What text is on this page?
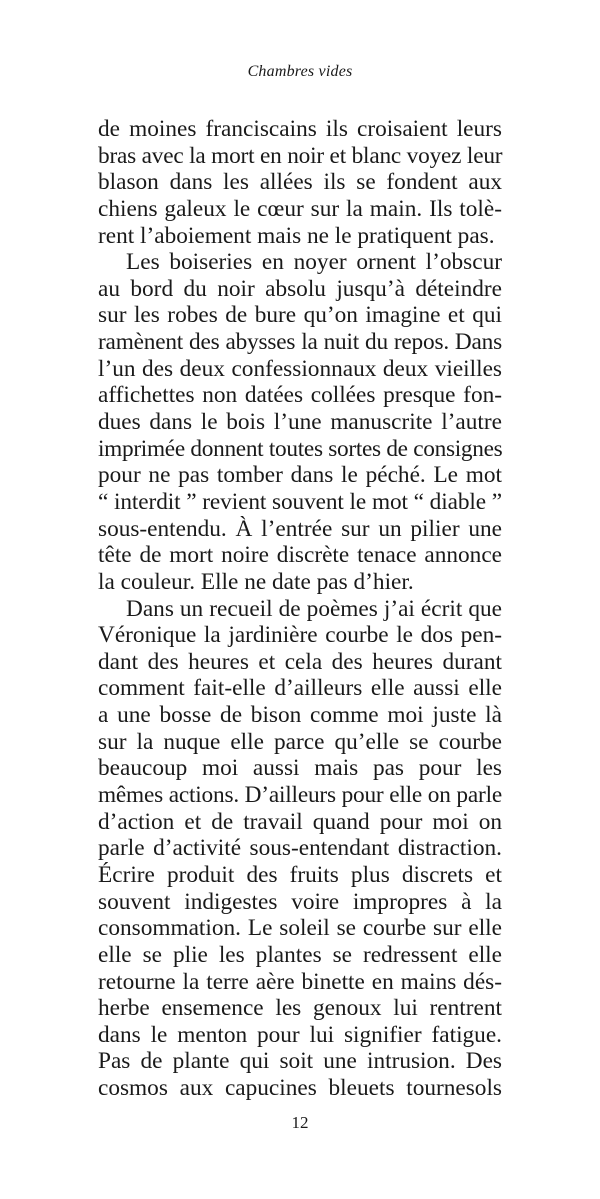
Chambres vides
de moines franciscains ils croisaient leurs
bras avec la mort en noir et blanc voyez leur
blason dans les allées ils se fondent aux
chiens galeux le cœur sur la main. Ils tolè-
rent l’aboiement mais ne le pratiquent pas.
Les boiseries en noyer ornent l’obscur
au bord du noir absolu jusqu’à déteindre
sur les robes de bure qu’on imagine et qui
ramènent des abysses la nuit du repos. Dans
l’un des deux confessionnaux deux vieilles
affichettes non datées collées presque fon-
dues dans le bois l’une manuscrite l’autre
imprimée donnent toutes sortes de consignes
pour ne pas tomber dans le péché. Le mot
“ interdit ” revient souvent le mot “ diable ”
sous-entendu. À l’entrée sur un pilier une
tête de mort noire discrète tenace annonce
la couleur. Elle ne date pas d’hier.
Dans un recueil de poèmes j’ai écrit que
Véronique la jardinière courbe le dos pen-
dant des heures et cela des heures durant
comment fait-elle d’ailleurs elle aussi elle
a une bosse de bison comme moi juste là
sur la nuque elle parce qu’elle se courbe
beaucoup moi aussi mais pas pour les
mêmes actions. D’ailleurs pour elle on parle
d’action et de travail quand pour moi on
parle d’activité sous-entendant distraction.
Écrire produit des fruits plus discrets et
souvent indigestes voire impropres à la
consommation. Le soleil se courbe sur elle
elle se plie les plantes se redressent elle
retourne la terre aère binette en mains dés-
herbe ensemence les genoux lui rentrent
dans le menton pour lui signifier fatigue.
Pas de plante qui soit une intrusion. Des
cosmos aux capucines bleuets tournesols
12
